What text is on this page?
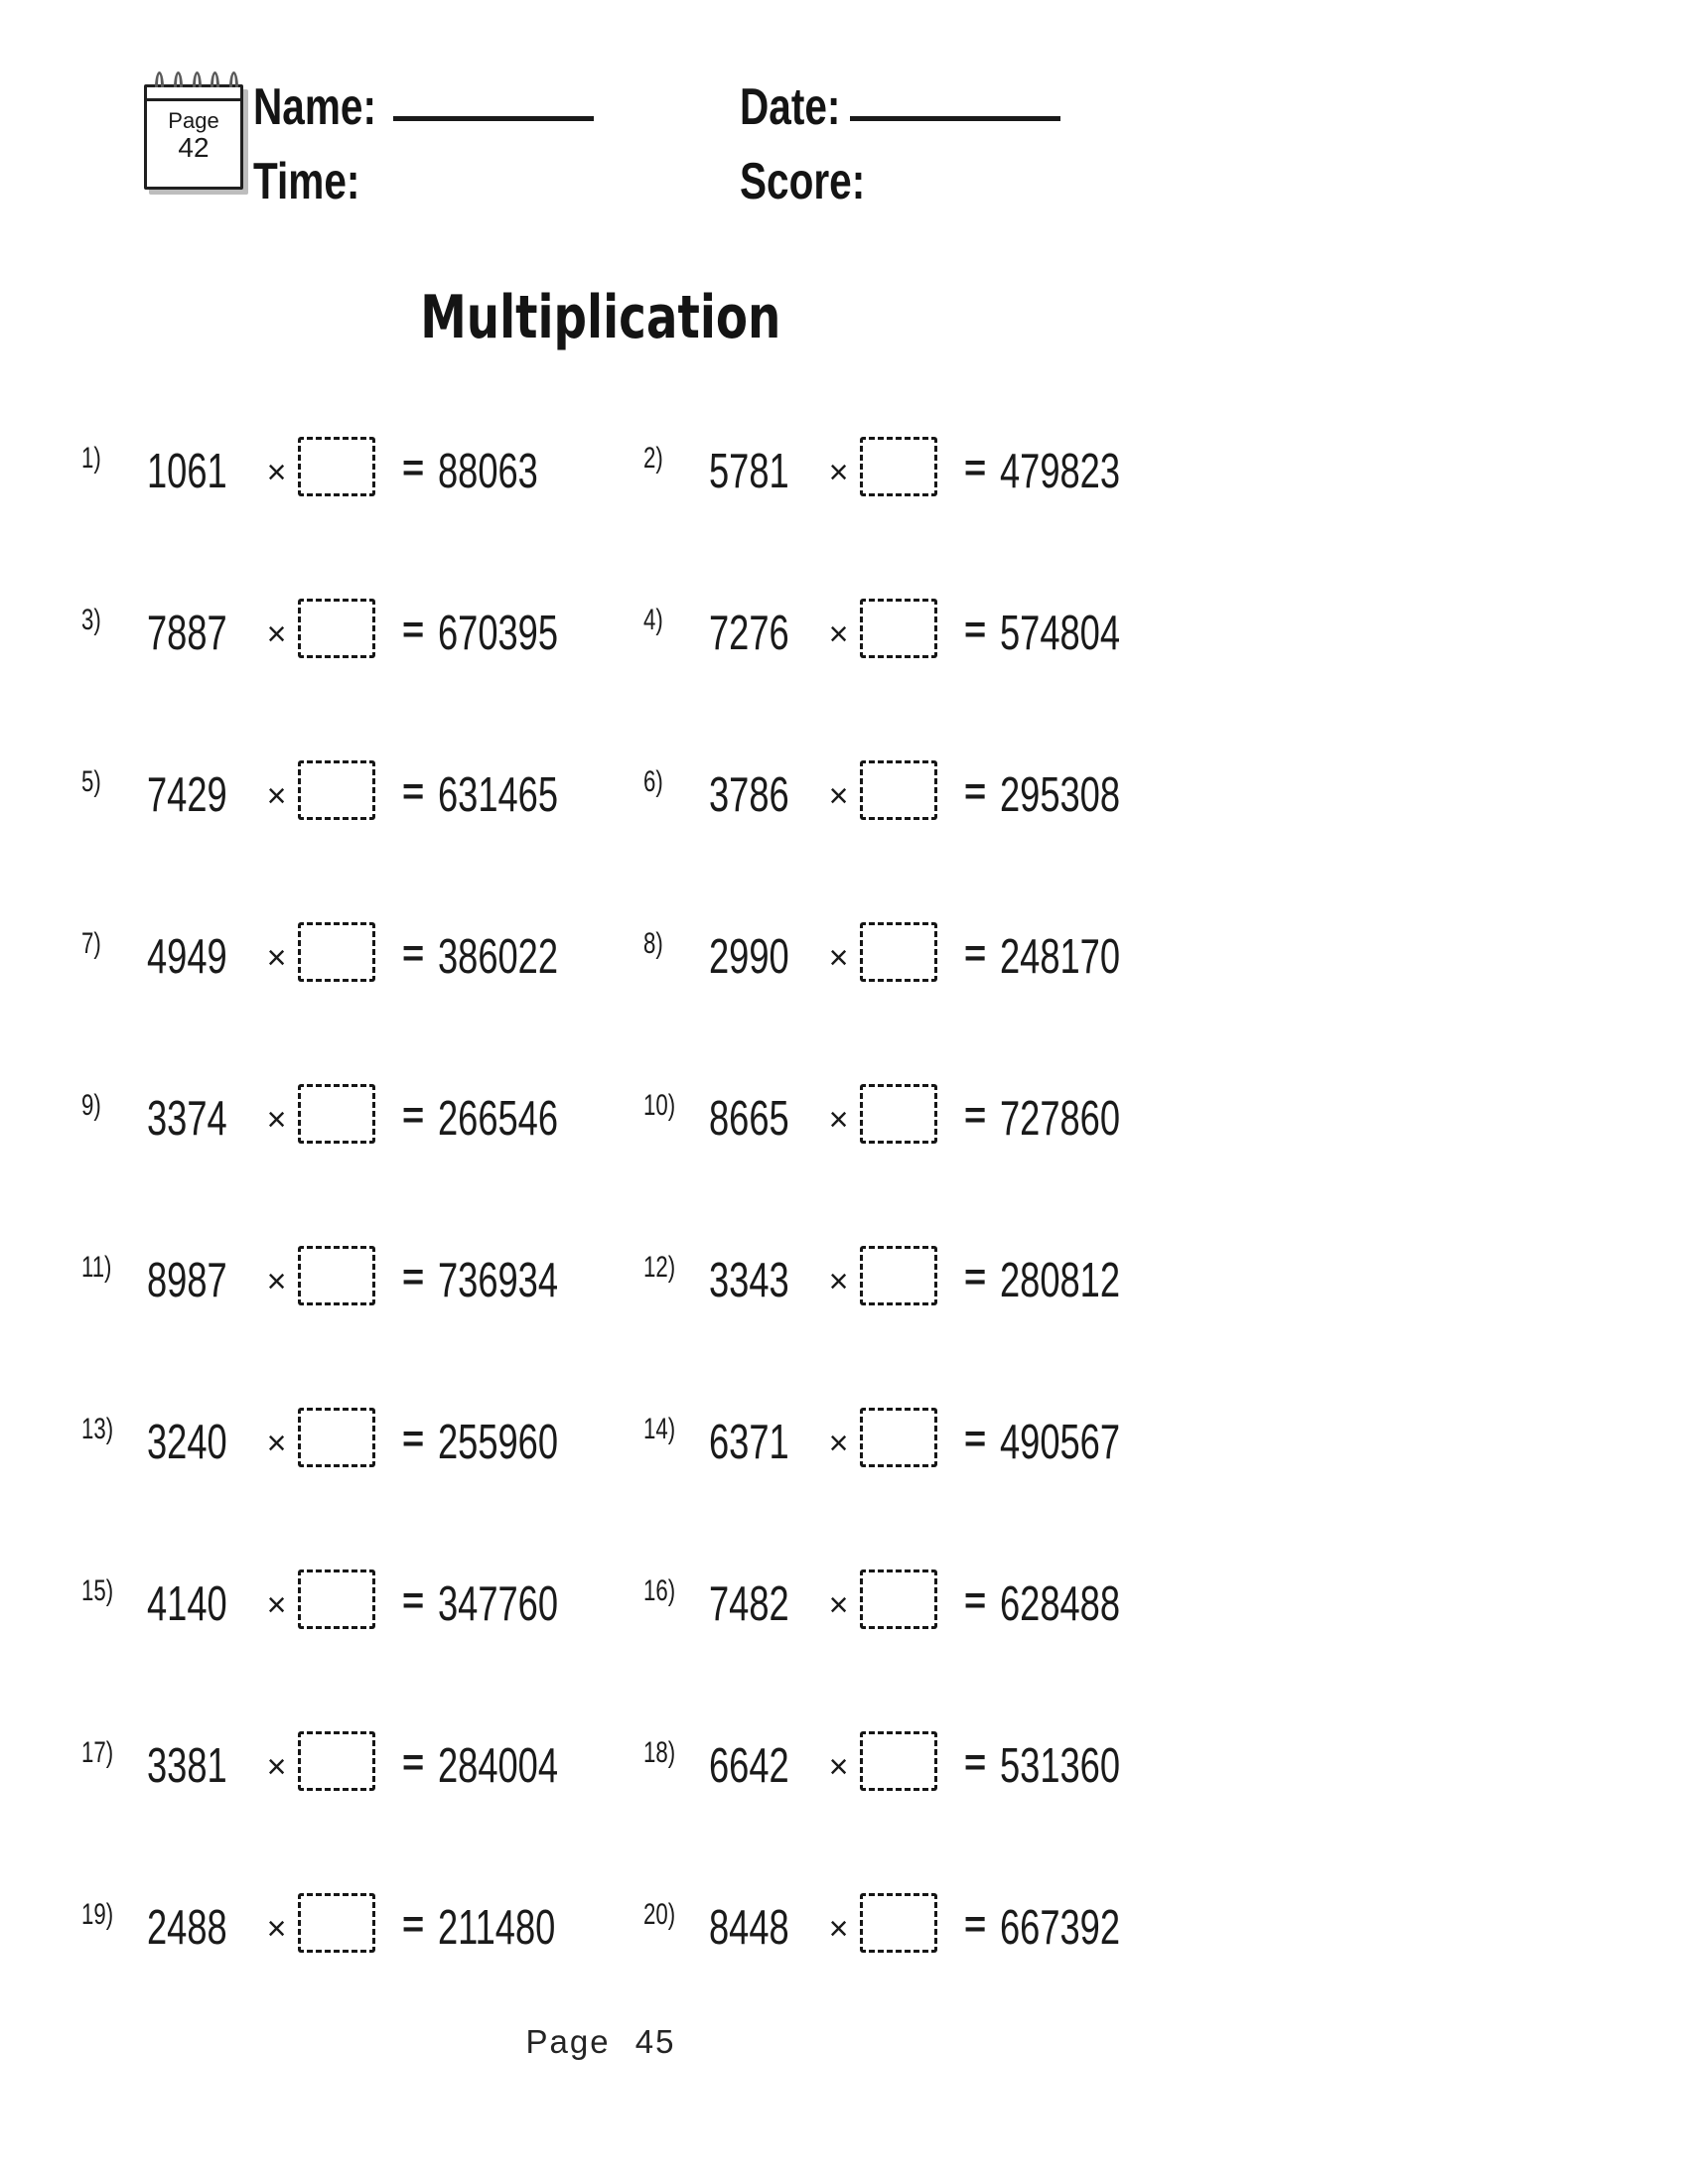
Page
42
Name:	Date:
Time:	Score:
Multiplication
1) 1061	×	= 88063	2) 5781	×	= 479823
3) 7887	×	= 670395	4) 7276	×	= 574804
5) 7429	×	= 631465	6) 3786	×	= 295308
7) 4949	×	= 386022	8) 2990	×	= 248170
9) 3374	×	= 266546	10) 8665	×	= 727860
11) 8987	×	= 736934	12) 3343	×	= 280812
13) 3240	×	= 255960	14) 6371	×	= 490567
15) 4140	×	= 347760	16) 7482	×	= 628488
17) 3381	×	= 284004	18) 6642	×	= 531360
19) 2488	×	= 211480	20) 8448	×	= 667392
Page 45
